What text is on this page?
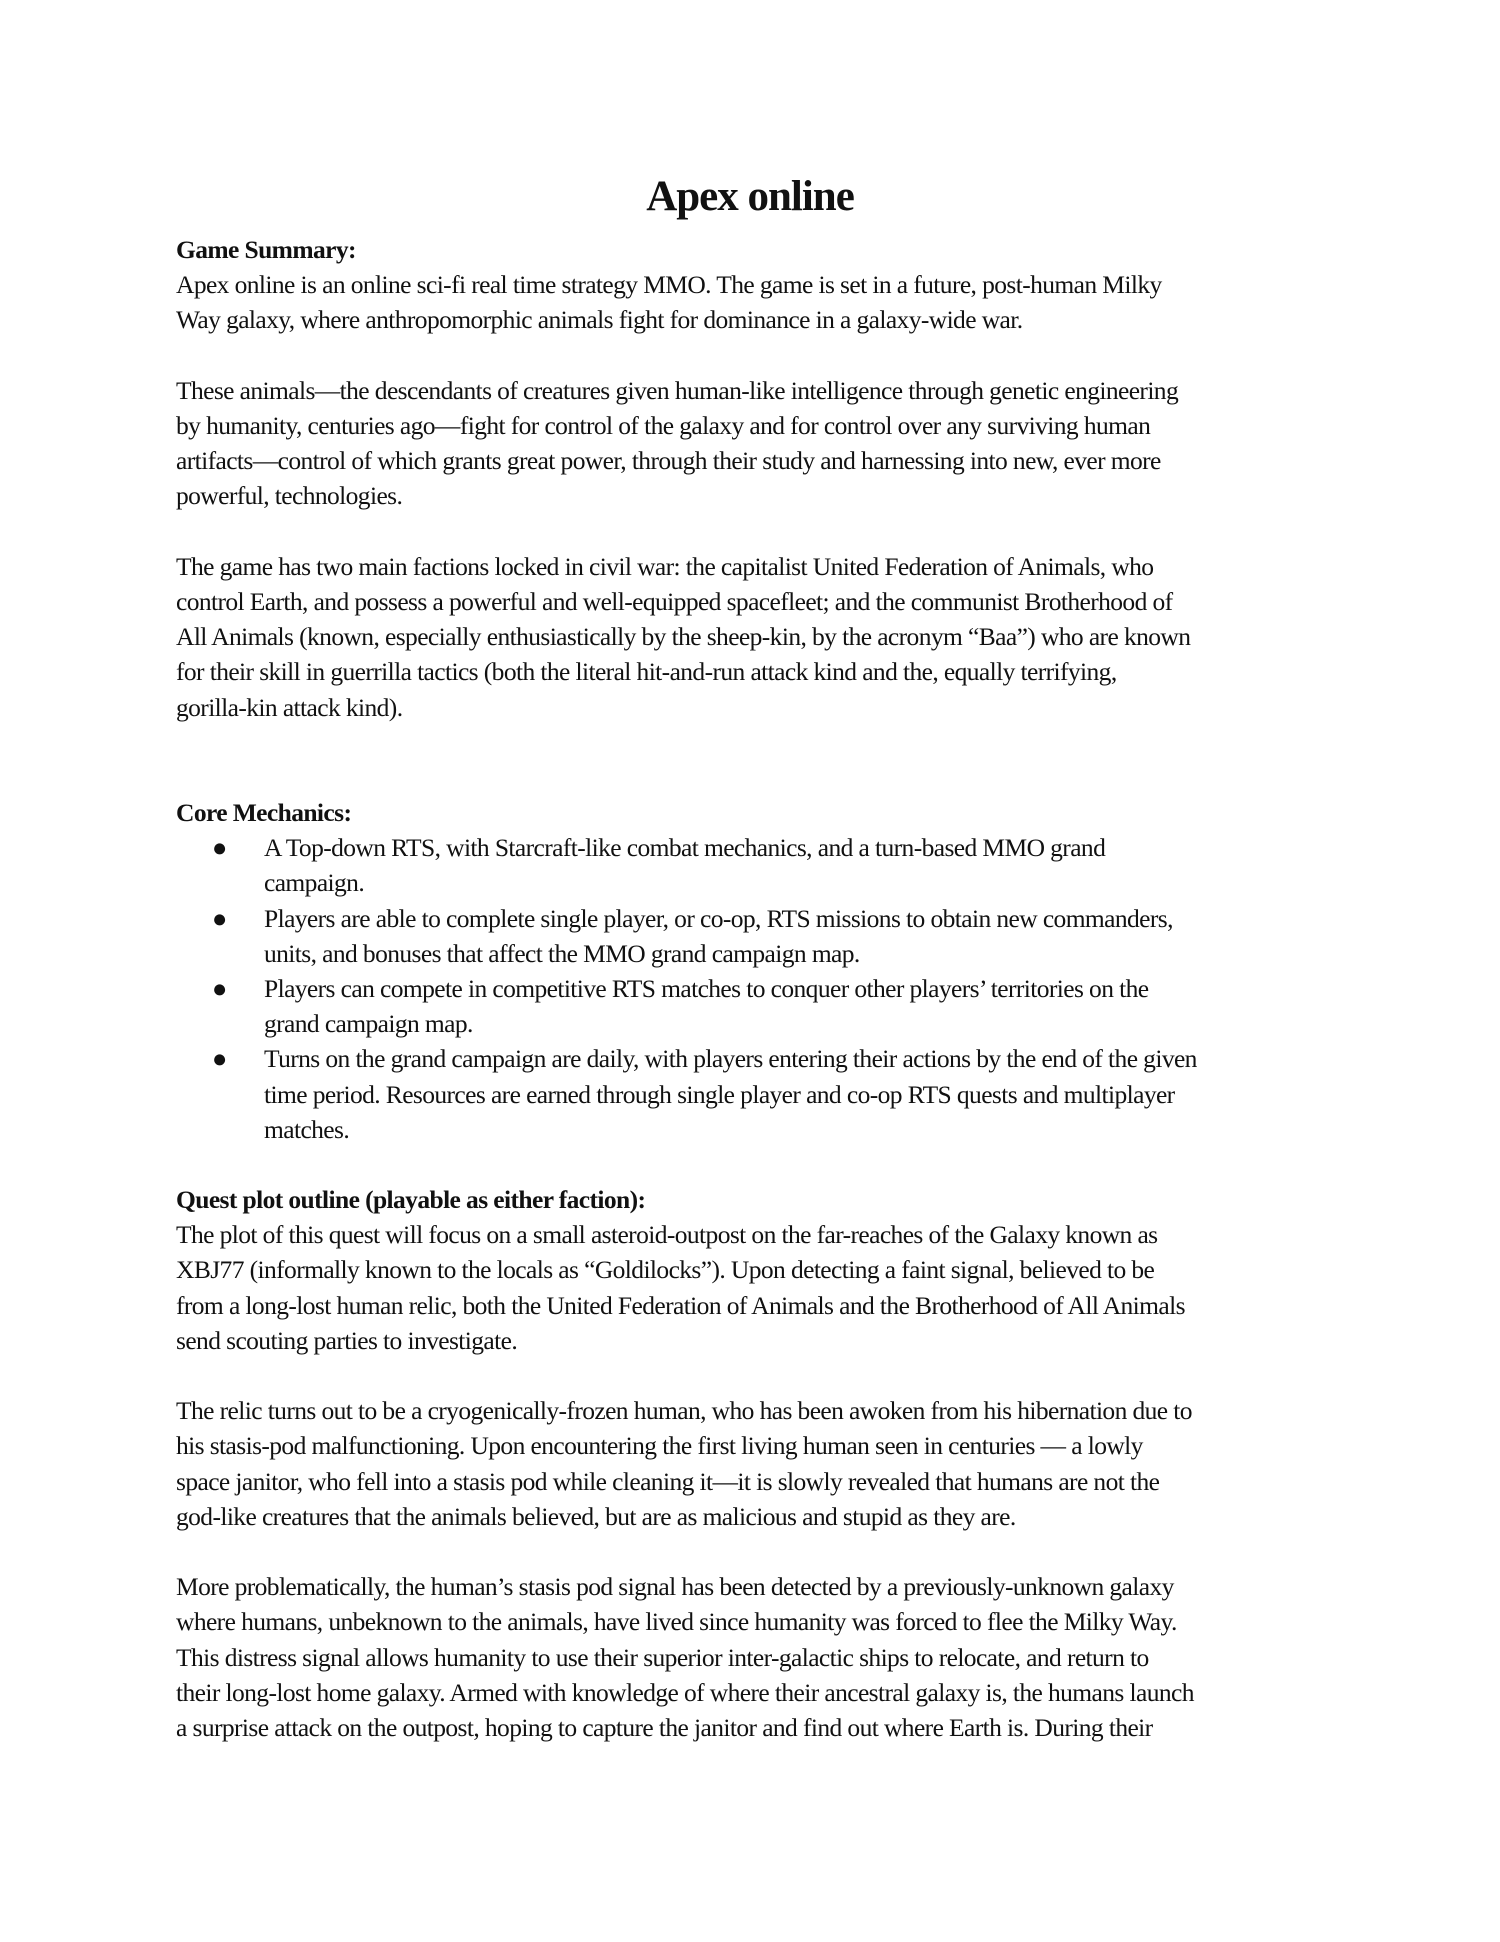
Apex online
Game Summary:
Apex online is an online sci-fi real time strategy MMO. The game is set in a future, post-human Milky
Way galaxy, where anthropomorphic animals fight for dominance in a galaxy-wide war.
These animals—the descendants of creatures given human-like intelligence through genetic engineering
by humanity, centuries ago—fight for control of the galaxy and for control over any surviving human
artifacts—control of which grants great power, through their study and harnessing into new, ever more
powerful, technologies.
The game has two main factions locked in civil war: the capitalist United Federation of Animals, who
control Earth, and possess a powerful and well-equipped spacefleet; and the communist Brotherhood of
All Animals (known, especially enthusiastically by the sheep-kin, by the acronym “Baa”) who are known
for their skill in guerrilla tactics (both the literal hit-and-run attack kind and the, equally terrifying,
gorilla-kin attack kind).
Core Mechanics:
● A Top-down RTS, with Starcraft-like combat mechanics, and a turn-based MMO grand
campaign.
● Players are able to complete single player, or co-op, RTS missions to obtain new commanders,
units, and bonuses that affect the MMO grand campaign map.
● Players can compete in competitive RTS matches to conquer other players’ territories on the
grand campaign map.
● Turns on the grand campaign are daily, with players entering their actions by the end of the given
time period. Resources are earned through single player and co-op RTS quests and multiplayer
matches.
Quest plot outline (playable as either faction):
The plot of this quest will focus on a small asteroid-outpost on the far-reaches of the Galaxy known as
XBJ77 (informally known to the locals as “Goldilocks”). Upon detecting a faint signal, believed to be
from a long-lost human relic, both the United Federation of Animals and the Brotherhood of All Animals
send scouting parties to investigate.
The relic turns out to be a cryogenically-frozen human, who has been awoken from his hibernation due to
his stasis-pod malfunctioning. Upon encountering the first living human seen in centuries — a lowly
space janitor, who fell into a stasis pod while cleaning it—it is slowly revealed that humans are not the
god-like creatures that the animals believed, but are as malicious and stupid as they are.
More problematically, the human’s stasis pod signal has been detected by a previously-unknown galaxy
where humans, unbeknown to the animals, have lived since humanity was forced to flee the Milky Way.
This distress signal allows humanity to use their superior inter-galactic ships to relocate, and return to
their long-lost home galaxy. Armed with knowledge of where their ancestral galaxy is, the humans launch
a surprise attack on the outpost, hoping to capture the janitor and find out where Earth is. During their
